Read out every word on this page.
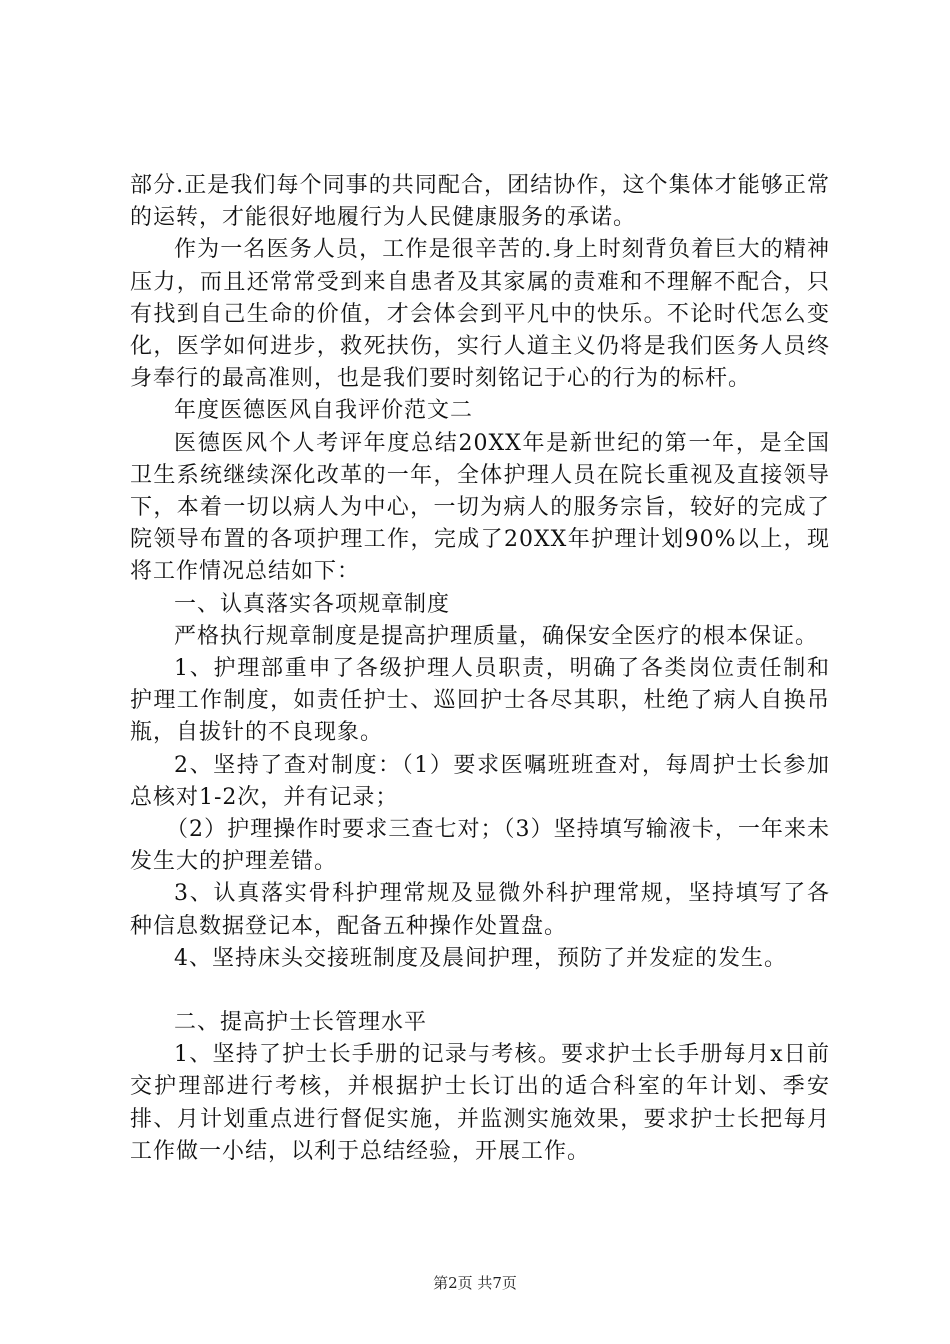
部分.正是我们每个同事的共同配合，团结协作，这个集体才能够正常的运转，才能很好地履行为人民健康服务的承诺。

作为一名医务人员，工作是很辛苦的.身上时刻背负着巨大的精神压力，而且还常常受到来自患者及其家属的责难和不理解不配合，只有找到自己生命的价值，才会体会到平凡中的快乐。不论时代怎么变化，医学如何进步，救死扶伤，实行人道主义仍将是我们医务人员终身奉行的最高准则，也是我们要时刻铭记于心的行为的标杆。

年度医德医风自我评价范文二

医德医风个人考评年度总结20XX年是新世纪的第一年，是全国卫生系统继续深化改革的一年，全体护理人员在院长重视及直接领导下，本着一切以病人为中心，一切为病人的服务宗旨，较好的完成了院领导布置的各项护理工作，完成了20XX年护理计划90%以上，现将工作情况总结如下：

一、认真落实各项规章制度

严格执行规章制度是提高护理质量，确保安全医疗的根本保证。

1、护理部重申了各级护理人员职责，明确了各类岗位责任制和护理工作制度，如责任护士、巡回护士各尽其职，杜绝了病人自换吊瓶，自拔针的不良现象。

2、坚持了查对制度：（1）要求医嘱班班查对，每周护士长参加总核对1-2次，并有记录；

（2）护理操作时要求三查七对；（3）坚持填写输液卡，一年来未发生大的护理差错。

3、认真落实骨科护理常规及显微外科护理常规，坚持填写了各种信息数据登记本，配备五种操作处置盘。

4、坚持床头交接班制度及晨间护理，预防了并发症的发生。

二、提高护士长管理水平

1、坚持了护士长手册的记录与考核。要求护士长手册每月x日前交护理部进行考核，并根据护士长订出的适合科室的年计划、季安排、月计划重点进行督促实施，并监测实施效果，要求护士长把每月工作做一小结，以利于总结经验，开展工作。

第2页 共7页
